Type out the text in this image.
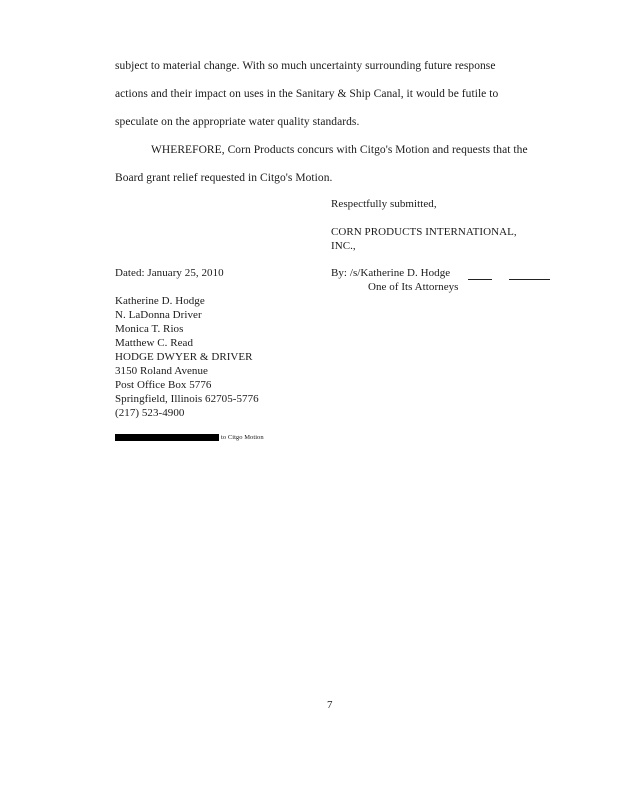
subject to material change. With so much uncertainty surrounding future response
actions and their impact on uses in the Sanitary & Ship Canal, it would be futile to
speculate on the appropriate water quality standards.
WHEREFORE, Corn Products concurs with Citgo's Motion and requests that the
Board grant relief requested in Citgo's Motion.
Respectfully submitted,
CORN PRODUCTS INTERNATIONAL,
INC.,
Dated: January 25, 2010	By: /s/Katherine D. Hodge
One of Its Attorneys
Katherine D. Hodge
N. LaDonna Driver
Monica T. Rios
Matthew C. Read
HODGE DWYER & DRIVER
3150 Roland Avenue
Post Office Box 5776
Springfield, Illinois 62705-5776
(217) 523-4900
to Citgo Motion
7
